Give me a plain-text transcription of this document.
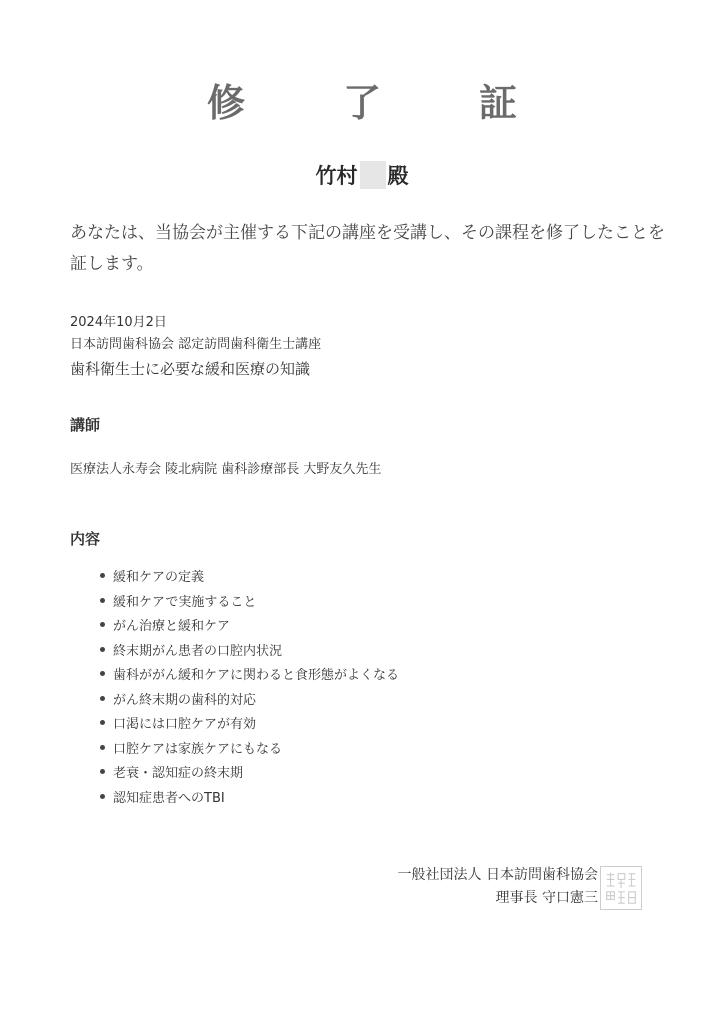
修　了　証
竹村 殿
あなたは、当協会が主催する下記の講座を受講し、その課程を修了したことを証します。
2024年10月2日
日本訪問歯科協会 認定訪問歯科衛生士講座
歯科衛生士に必要な緩和医療の知識
講師
医療法人永寿会 陵北病院 歯科診療部長 大野友久先生
内容
緩和ケアの定義
緩和ケアで実施すること
がん治療と緩和ケア
終末期がん患者の口腔内状況
歯科ががん緩和ケアに関わると食形態がよくなる
がん終末期の歯科的対応
口渇には口腔ケアが有効
口腔ケアは家族ケアにもなる
老衰・認知症の終末期
認知症患者へのTBI
一般社団法人 日本訪問歯科協会
理事長 守口憲三
